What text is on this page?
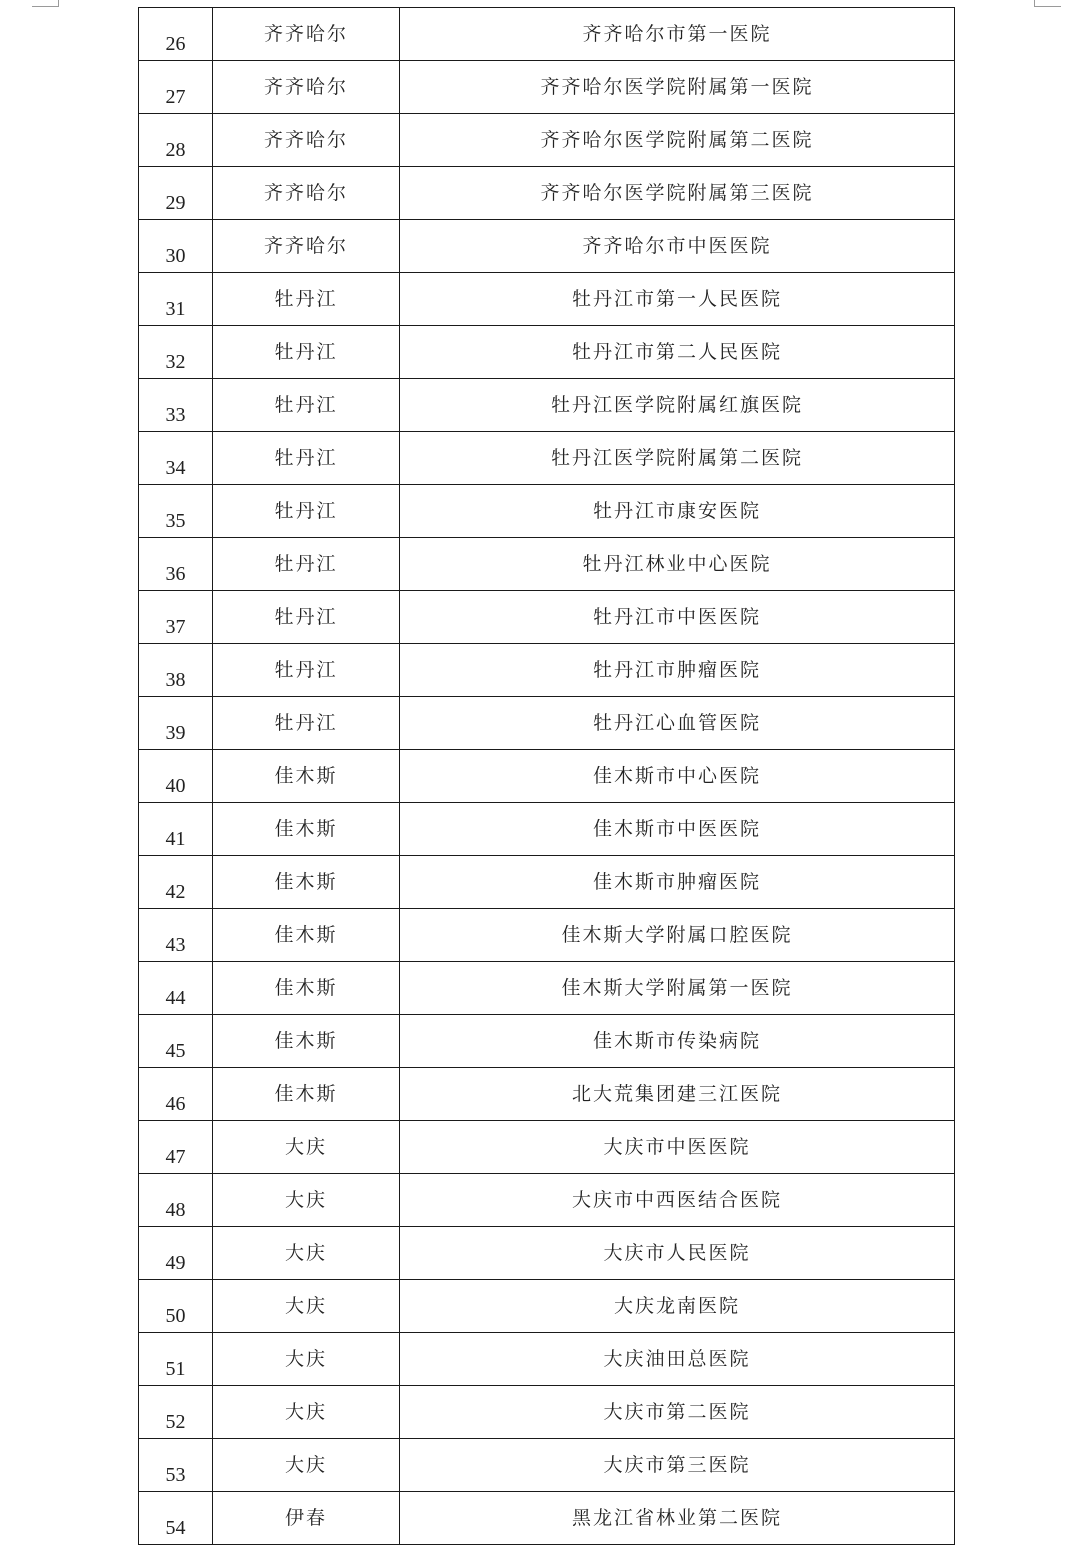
26	齐齐哈尔	齐齐哈尔市第一医院
27	齐齐哈尔	齐齐哈尔医学院附属第一医院
28	齐齐哈尔	齐齐哈尔医学院附属第二医院
29	齐齐哈尔	齐齐哈尔医学院附属第三医院
30	齐齐哈尔	齐齐哈尔市中医医院
31	牡丹江	牡丹江市第一人民医院
32	牡丹江	牡丹江市第二人民医院
33	牡丹江	牡丹江医学院附属红旗医院
34	牡丹江	牡丹江医学院附属第二医院
35	牡丹江	牡丹江市康安医院
36	牡丹江	牡丹江林业中心医院
37	牡丹江	牡丹江市中医医院
38	牡丹江	牡丹江市肿瘤医院
39	牡丹江	牡丹江心血管医院
40	佳木斯	佳木斯市中心医院
41	佳木斯	佳木斯市中医医院
42	佳木斯	佳木斯市肿瘤医院
43	佳木斯	佳木斯大学附属口腔医院
44	佳木斯	佳木斯大学附属第一医院
45	佳木斯	佳木斯市传染病院
46	佳木斯	北大荒集团建三江医院
47	大庆	大庆市中医医院
48	大庆	大庆市中西医结合医院
49	大庆	大庆市人民医院
50	大庆	大庆龙南医院
51	大庆	大庆油田总医院
52	大庆	大庆市第二医院
53	大庆	大庆市第三医院
54	伊春	黑龙江省林业第二医院
